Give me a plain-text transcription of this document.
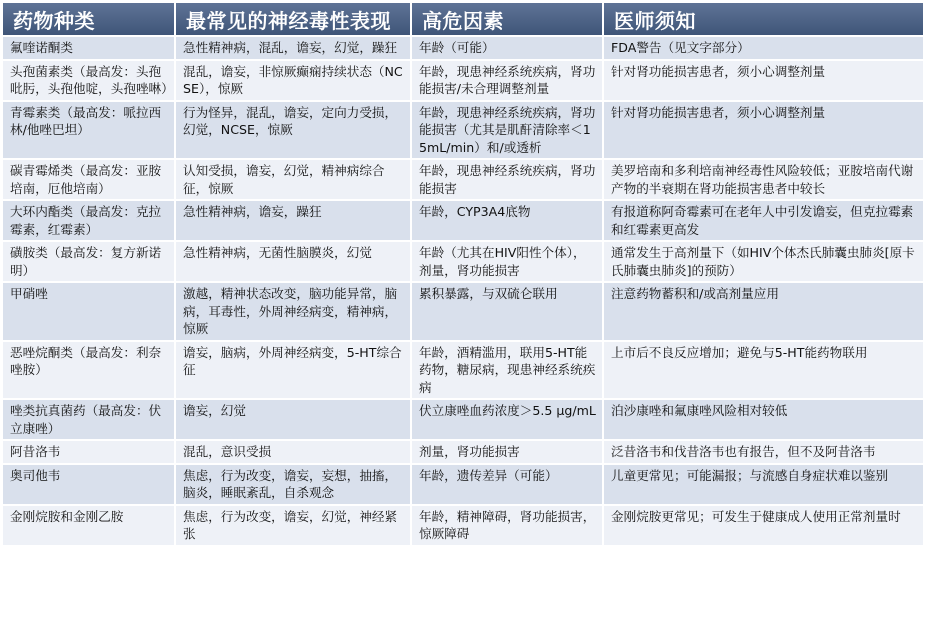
药物种类	最常见的神经毒性表现	高危因素	医师须知
氟喹诺酮类	急性精神病，混乱，谵妄，幻觉，躁狂	年龄（可能）	FDA警告（见文字部分）
头孢菌素类（最高发：头孢吡肟，头孢他啶，头孢唑啉）	混乱，谵妄，非惊厥癫痫持续状态（NCSE），惊厥	年龄，现患神经系统疾病，肾功能损害/未合理调整剂量	针对肾功能损害患者，须小心调整剂量
青霉素类（最高发：哌拉西林/他唑巴坦）	行为怪异，混乱，谵妄，定向力受损，幻觉，NCSE，惊厥	年龄，现患神经系统疾病，肾功能损害（尤其是肌酐清除率＜15mL/min）和/或透析	针对肾功能损害患者，须小心调整剂量
碳青霉烯类（最高发：亚胺培南，厄他培南）	认知受损，谵妄，幻觉，精神病综合征，惊厥	年龄，现患神经系统疾病，肾功能损害	美罗培南和多利培南神经毒性风险较低；亚胺培南代谢产物的半衰期在肾功能损害患者中较长
大环内酯类（最高发：克拉霉素，红霉素）	急性精神病，谵妄，躁狂	年龄，CYP3A4底物	有报道称阿奇霉素可在老年人中引发谵妄，但克拉霉素和红霉素更高发
磺胺类（最高发：复方新诺明）	急性精神病，无菌性脑膜炎，幻觉	年龄（尤其在HIV阳性个体），剂量，肾功能损害	通常发生于高剂量下（如HIV个体杰氏肺囊虫肺炎[原卡氏肺囊虫肺炎]的预防）
甲硝唑	激越，精神状态改变，脑功能异常，脑病，耳毒性，外周神经病变，精神病，惊厥	累积暴露，与双硫仑联用	注意药物蓄积和/或高剂量应用
恶唑烷酮类（最高发：利奈唑胺）	谵妄，脑病，外周神经病变，5-HT综合征	年龄，酒精滥用，联用5-HT能药物，糖尿病，现患神经系统疾病	上市后不良反应增加；避免与5-HT能药物联用
唑类抗真菌药（最高发：伏立康唑）	谵妄，幻觉	伏立康唑血药浓度＞5.5 μg/mL	泊沙康唑和氟康唑风险相对较低
阿昔洛韦	混乱，意识受损	剂量，肾功能损害	泛昔洛韦和伐昔洛韦也有报告，但不及阿昔洛韦
奥司他韦	焦虑，行为改变，谵妄，妄想，抽搐，脑炎，睡眠紊乱，自杀观念	年龄，遗传差异（可能）	儿童更常见；可能漏报；与流感自身症状难以鉴别
金刚烷胺和金刚乙胺	焦虑，行为改变，谵妄，幻觉，神经紧张	年龄，精神障碍，肾功能损害，惊厥障碍	金刚烷胺更常见；可发生于健康成人使用正常剂量时
